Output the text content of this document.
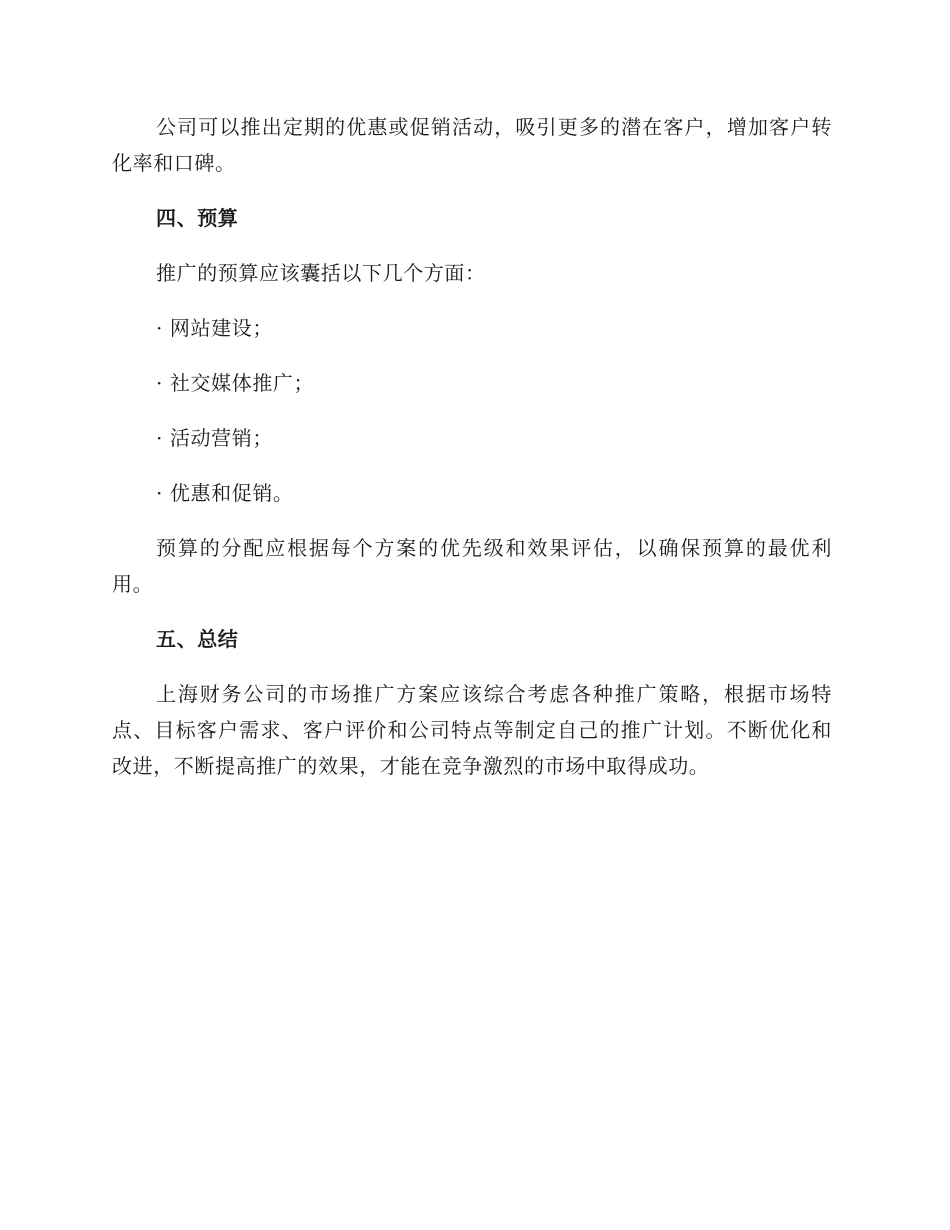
公司可以推出定期的优惠或促销活动，吸引更多的潜在客户，增加客户转化率和口碑。

四、预算

推广的预算应该囊括以下几个方面：

· 网站建设；

· 社交媒体推广；

· 活动营销；

· 优惠和促销。

预算的分配应根据每个方案的优先级和效果评估，以确保预算的最优利用。

五、总结

上海财务公司的市场推广方案应该综合考虑各种推广策略，根据市场特点、目标客户需求、客户评价和公司特点等制定自己的推广计划。不断优化和改进，不断提高推广的效果，才能在竞争激烈的市场中取得成功。
